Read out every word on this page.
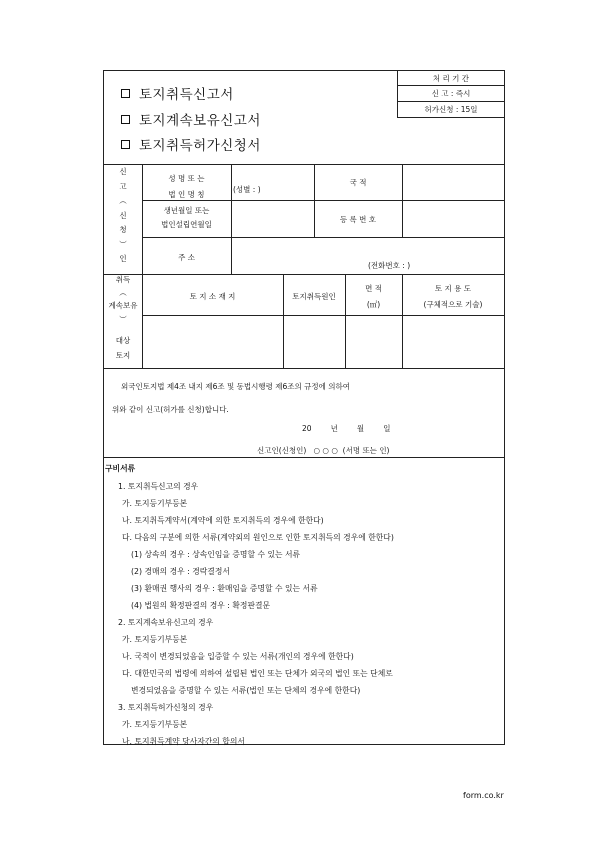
토지취득신고서
토지계속보유신고서
토지취득허가신청서
처 리 기 간
신 고 : 즉시
허가신청 : 15일
신
고
︵
신
청
︶
인
성 명 또 는
법 인 명 칭
(성별 : )
국 적
생년월일 또는
법인설립연월일
등 록 번 호
주 소
(전화번호 : )
취득
︵
계속보유
︶
대상
토지
토 지 소 재 지	토지취득원인
면 적
(㎡)
토 지 용 도
(구체적으로 기술)
외국인토지법 제4조 내지 제6조 및 동법시행령 제6조의 규정에 의하여
위와 같이 신고(허가를 신청)합니다.
20        년        월        일
신고인(신청인)   ○ ○ ○  (서명 또는 인)
구비서류
1. 토지취득신고의 경우
가. 토지등기부등본
나. 토지취득계약서(계약에 의한 토지취득의 경우에 한한다)
다. 다음의 구분에 의한 서류(계약외의 원인으로 인한 토지취득의 경우에 한한다)
(1) 상속의 경우 : 상속인임을 증명할 수 있는 서류
(2) 경매의 경우 : 경락결정서
(3) 환매권 행사의 경우 : 환매임을 증명할 수 있는 서류
(4) 법원의 확정판결의 경우 : 확정판결문
2. 토지계속보유신고의 경우
가. 토지등기부등본
나. 국적이 변경되었음을 입증할 수 있는 서류(개인의 경우에 한한다)
다. 대한민국의 법령에 의하여 설립된 법인 또는 단체가 외국의 법인 또는 단체로
변경되었음을 증명할 수 있는 서류(법인 또는 단체의 경우에 한한다)
3. 토지취득허가신청의 경우
가. 토지등기부등본
나. 토지취득계약 당사자간의 합의서
form.co.kr
